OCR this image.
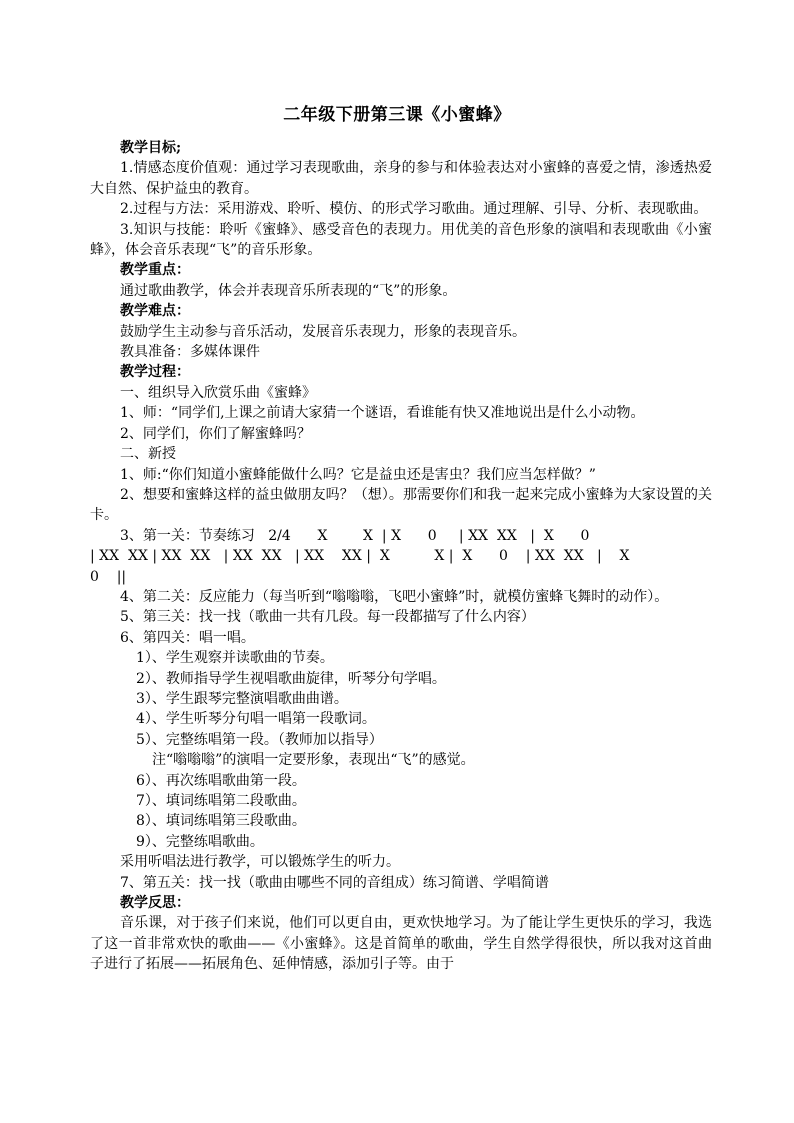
二年级下册第三课《小蜜蜂》

教学目标;

1.情感态度价值观：通过学习表现歌曲，亲身的参与和体验表达对小蜜蜂的喜爱之情，渗透热爱大自然、保护益虫的教育。

2.过程与方法：采用游戏、聆听、模仿、的形式学习歌曲。通过理解、引导、分析、表现歌曲。

3.知识与技能：聆听《蜜蜂》、感受音色的表现力。用优美的音色形象的演唱和表现歌曲《小蜜蜂》，体会音乐表现“飞”的音乐形象。

教学重点：

通过歌曲教学，体会并表现音乐所表现的“飞”的形象。

教学难点：

鼓励学生主动参与音乐活动，发展音乐表现力，形象的表现音乐。

教具准备：多媒体课件

教学过程：

一、组织导入欣赏乐曲《蜜蜂》

1、师：“同学们,上课之前请大家猜一个谜语，看谁能有快又准地说出是什么小动物。

2、同学们，你们了解蜜蜂吗？

二、新授

1、师:“你们知道小蜜蜂能做什么吗？它是益虫还是害虫？我们应当怎样做？”

2、想要和蜜蜂这样的益虫做朋友吗？（想）。那需要你们和我一起来完成小蜜蜂为大家设置的关卡。

3、第一关：节奏练习   2/4      X        X  | X      0     | XX  XX   |  X      0

| XX  XX | XX  XX   | XX  XX   | XX    XX |  X          X |  X      0    | XX  XX   |    X

0    ||

4、第二关：反应能力（每当听到“嗡嗡嗡，飞吧小蜜蜂”时，就模仿蜜蜂飞舞时的动作）。

5、第三关：找一找（歌曲一共有几段。每一段都描写了什么内容）

6、第四关：唱一唱。

1）、学生观察并读歌曲的节奏。

2）、教师指导学生视唱歌曲旋律，听琴分句学唱。

3）、学生跟琴完整演唱歌曲曲谱。

4）、学生听琴分句唱一唱第一段歌词。

5）、完整练唱第一段。（教师加以指导）

注“嗡嗡嗡”的演唱一定要形象，表现出“飞”的感觉。

6）、再次练唱歌曲第一段。

7）、填词练唱第二段歌曲。

8）、填词练唱第三段歌曲。

9）、完整练唱歌曲。

采用听唱法进行教学，可以锻炼学生的听力。

7、第五关：找一找（歌曲由哪些不同的音组成）练习简谱、学唱简谱

教学反思：

音乐课，对于孩子们来说，他们可以更自由，更欢快地学习。为了能让学生更快乐的学习，我选了这一首非常欢快的歌曲——《小蜜蜂》。这是首简单的歌曲，学生自然学得很快，所以我对这首曲子进行了拓展——拓展角色、延伸情感，添加引子等。由于
